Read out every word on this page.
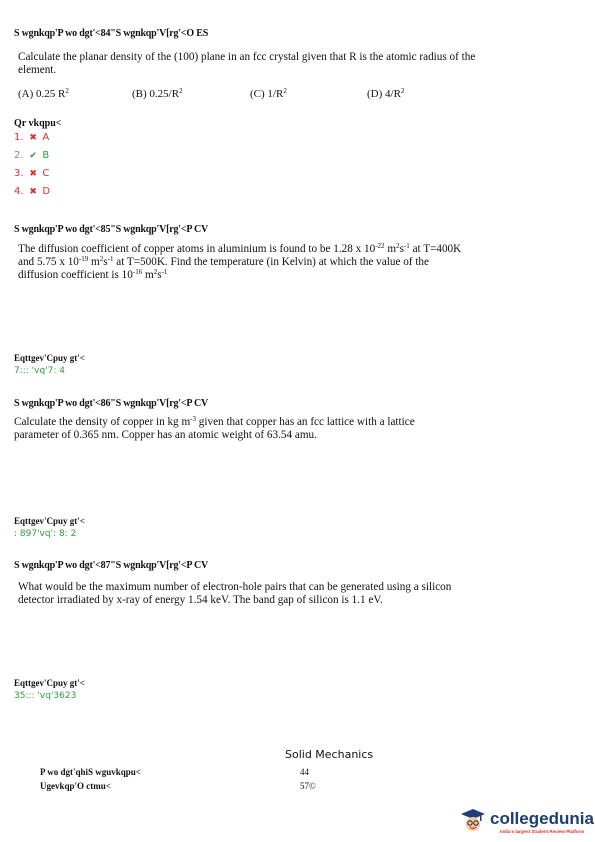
S wgnkqp'P wo dgt'<84"S wgnkqp'V[rg'<O ES
Calculate the planar density of the (100) plane in an fcc crystal given that R is the atomic radius of the element.
(A) 0.25 $R^2$	(B) $0.25/R^2$	(C) $1/R^2$	(D) $4/R^2$
Qr vkqpu<
1. ✖ A
2. ✔ B
3. ✖ C
4. ✖ D
S wgnkqp'P wo dgt'<85"S wgnkqp'V[rg'<P CV
The diffusion coefficient of copper atoms in aluminium is found to be 1.28 x $10^{-22}$ $m^2s^{-1}$ at T=400K
and 5.75 x $10^{-19}$ $m^2s^{-1}$ at T=500K. Find the temperature (in Kelvin) at which the value of the
diffusion coefficient is $10^{-16}$ $m^2s^{-1}$
Eqttgev'Cpuy gt'<
7::: 'vq'7: 4
S wgnkqp'P wo dgt'<86"S wgnkqp'V[rg'<P CV
Calculate the density of copper in kg $m^{-3}$ given that copper has an fcc lattice with a lattice
parameter of 0.365 nm. Copper has an atomic weight of 63.54 amu.
Eqttgev'Cpuy gt'<
: 897'vq': 8: 2
S wgnkqp'P wo dgt'<87"S wgnkqp'V[rg'<P CV
What would be the maximum number of electron-hole pairs that can be generated using a silicon
detector irradiated by x-ray of energy 1.54 keV. The band gap of silicon is 1.1 eV.
Eqttgev'Cpuy gt'<
35::: 'vq'3623
Solid Mechanics
P wo dgt'qhiS wguvkqpu<	44
Ugevkqp'O ctmu<	57©
collegedunia
India's largest Student Review Platform
